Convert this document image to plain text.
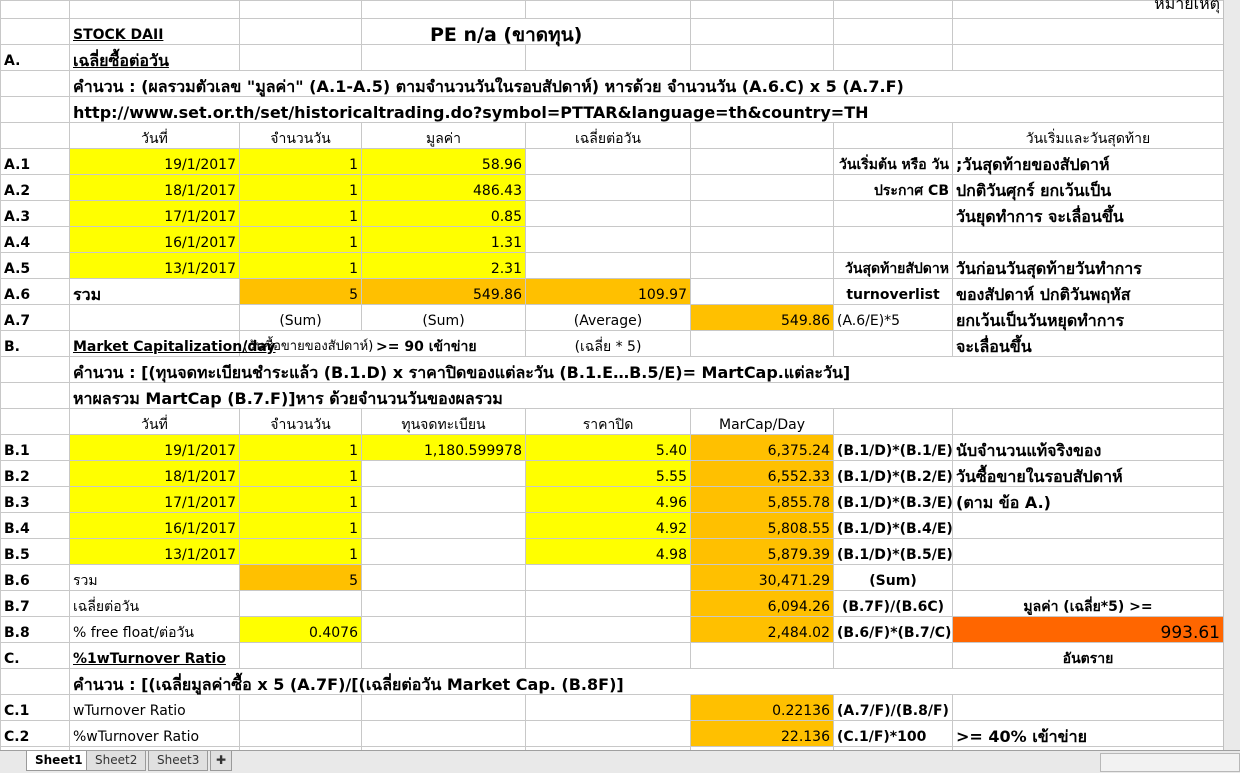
							หมายเหตุ
	STOCK DAII		PE n/a (ขาดทุน)				
A.	เฉลี่ยซื้อต่อวัน						
	คำนวน : (ผลรวมตัวเลข "มูลค่า" (A.1-A.5) ตามจำนวนวันในรอบสัปดาห์) หารด้วย จำนวนวัน (A.6.C) x 5 (A.7.F)						
	http://www.set.or.th/set/historicaltrading.do?symbol=PTTAR&language=th&country=TH						
	วันที่	จำนวนวัน	มูลค่า	เฉลี่ยต่อวัน			วันเริ่มและวันสุดท้าย
A.1	19/1/2017	1	58.96			วันเริ่มต้น หรือ วัน	;วันสุดท้ายของสัปดาห์
A.2	18/1/2017	1	486.43			ประกาศ CB	ปกติวันศุกร์ ยกเว้นเป็น
A.3	17/1/2017	1	0.85				วันยุดทำการ จะเลื่อนขึ้น
A.4	16/1/2017	1	1.31				
A.5	13/1/2017	1	2.31			วันสุดท้ายสัปดาห	วันก่อนวันสุดท้ายวันทำการ
A.6	รวม	5	549.86	109.97		turnoverlist	ของสัปดาห์ ปกติวันพฤหัส
A.7		(Sum)	(Sum)	(Average)	549.86	(A.6/E)*5	ยกเว้นเป็นวันหยุดทำการ
B.	Market Capitalization/day	(วันซื้อขายของสัปดาห์)	>= 90 เข้าข่าย	(เฉลี่ย * 5)			จะเลื่อนขึ้น
	คำนวน : [(ทุนจดทะเบียนชำระแล้ว (B.1.D) x ราคาปิดของแต่ละวัน (B.1.E…B.5/E)= MartCap.แต่ละวัน]						
	หาผลรวม MartCap (B.7.F)]หาร ด้วยจำนวนวันของผลรวม						
	วันที่	จำนวนวัน	ทุนจดทะเบียน	ราคาปิด	MarCap/Day		
B.1	19/1/2017	1	1,180.599978	5.40	6,375.24	(B.1/D)*(B.1/E)	นับจำนวนแท้จริงของ
B.2	18/1/2017	1		5.55	6,552.33	(B.1/D)*(B.2/E)	วันซื้อขายในรอบสัปดาห์
B.3	17/1/2017	1		4.96	5,855.78	(B.1/D)*(B.3/E)	(ตาม ข้อ A.)
B.4	16/1/2017	1		4.92	5,808.55	(B.1/D)*(B.4/E)	
B.5	13/1/2017	1		4.98	5,879.39	(B.1/D)*(B.5/E)	
B.6	รวม	5			30,471.29	(Sum)	
B.7	เฉลี่ยต่อวัน				6,094.26	(B.7F)/(B.6C)	มูลค่า (เฉลี่ย*5) >=
B.8	% free float/ต่อวัน	0.4076			2,484.02	(B.6/F)*(B.7/C)	993.61
C.	%1wTurnover Ratio						อันตราย
	คำนวน : [(เฉลี่ยมูลค่าซื้อ x 5 (A.7F)/[(เฉลี่ยต่อวัน Market Cap. (B.8F)]						
C.1	wTurnover Ratio				0.22136	(A.7/F)/(B.8/F)	
C.2	%wTurnover Ratio				22.136	(C.1/F)*100	>= 40% เข้าข่าย

Sheet1	Sheet2	Sheet3	✚
